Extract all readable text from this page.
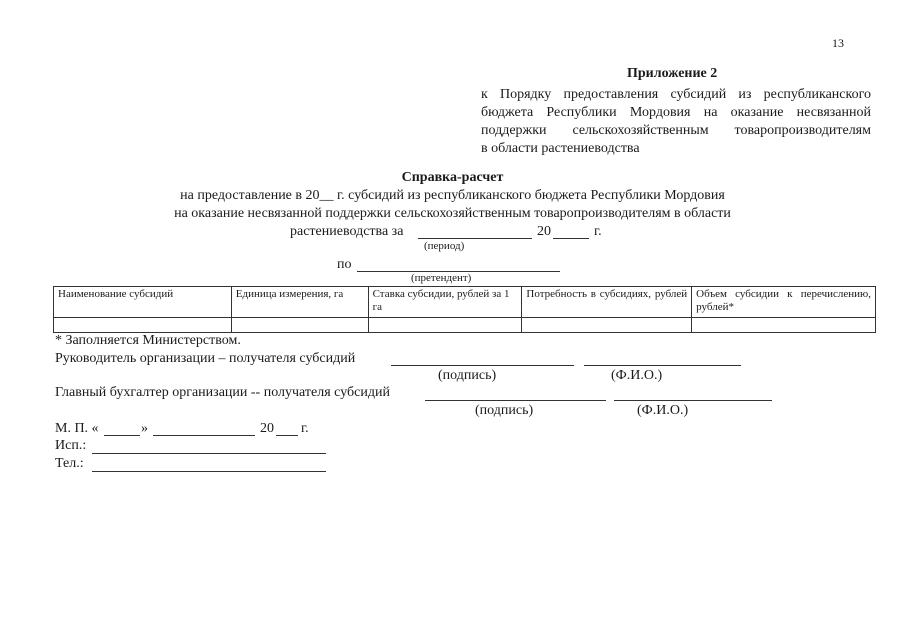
13
Приложение 2
к Порядку предоставления субсидий из республиканского
бюджета Республики Мордовия на оказание несвязанной
поддержки сельскохозяйственным товаропроизводителям
в области растениеводства
Справка-расчет
на предоставление в 20__ г. субсидий из республиканского бюджета Республики Мордовия
на оказание несвязанной поддержки сельскохозяйственным товаропроизводителям в области
растениеводства за	20	г.
(период)
по
(претендент)
Наименование субсидий	Единица измерения, га	Ставка субсидии, рублей за 1 га	Потребность в субсидиях, рублей	Объем субсидии к перечислению, рублей*

* Заполняется Министерством.
Руководитель организации – получателя субсидий
(подпись)	(Ф.И.О.)
Главный бухгалтер организации -- получателя субсидий
(подпись)	(Ф.И.О.)
М. П. «	»	20 г.
Исп.:
Тел.:
